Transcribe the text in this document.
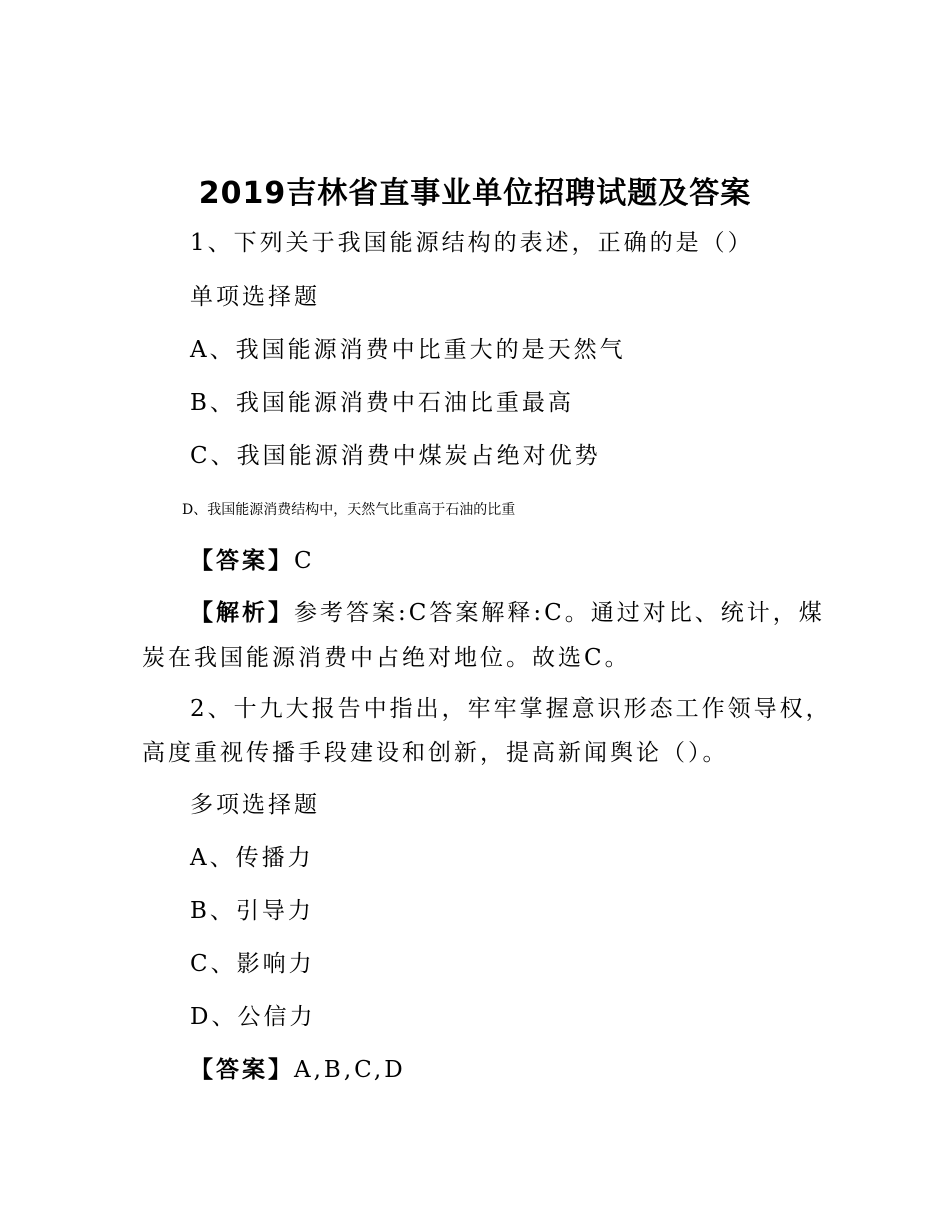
2019吉林省直事业单位招聘试题及答案
1、下列关于我国能源结构的表述，正确的是（）
单项选择题
A、我国能源消费中比重大的是天然气
B、我国能源消费中石油比重最高
C、我国能源消费中煤炭占绝对优势
D、我国能源消费结构中，天然气比重高于石油的比重
【答案】C
【解析】参考答案:C答案解释:C。通过对比、统计，煤
炭在我国能源消费中占绝对地位。故选C。
2、十九大报告中指出，牢牢掌握意识形态工作领导权，
高度重视传播手段建设和创新，提高新闻舆论（）。
多项选择题
A、传播力
B、引导力
C、影响力
D、公信力
【答案】A,B,C,D
